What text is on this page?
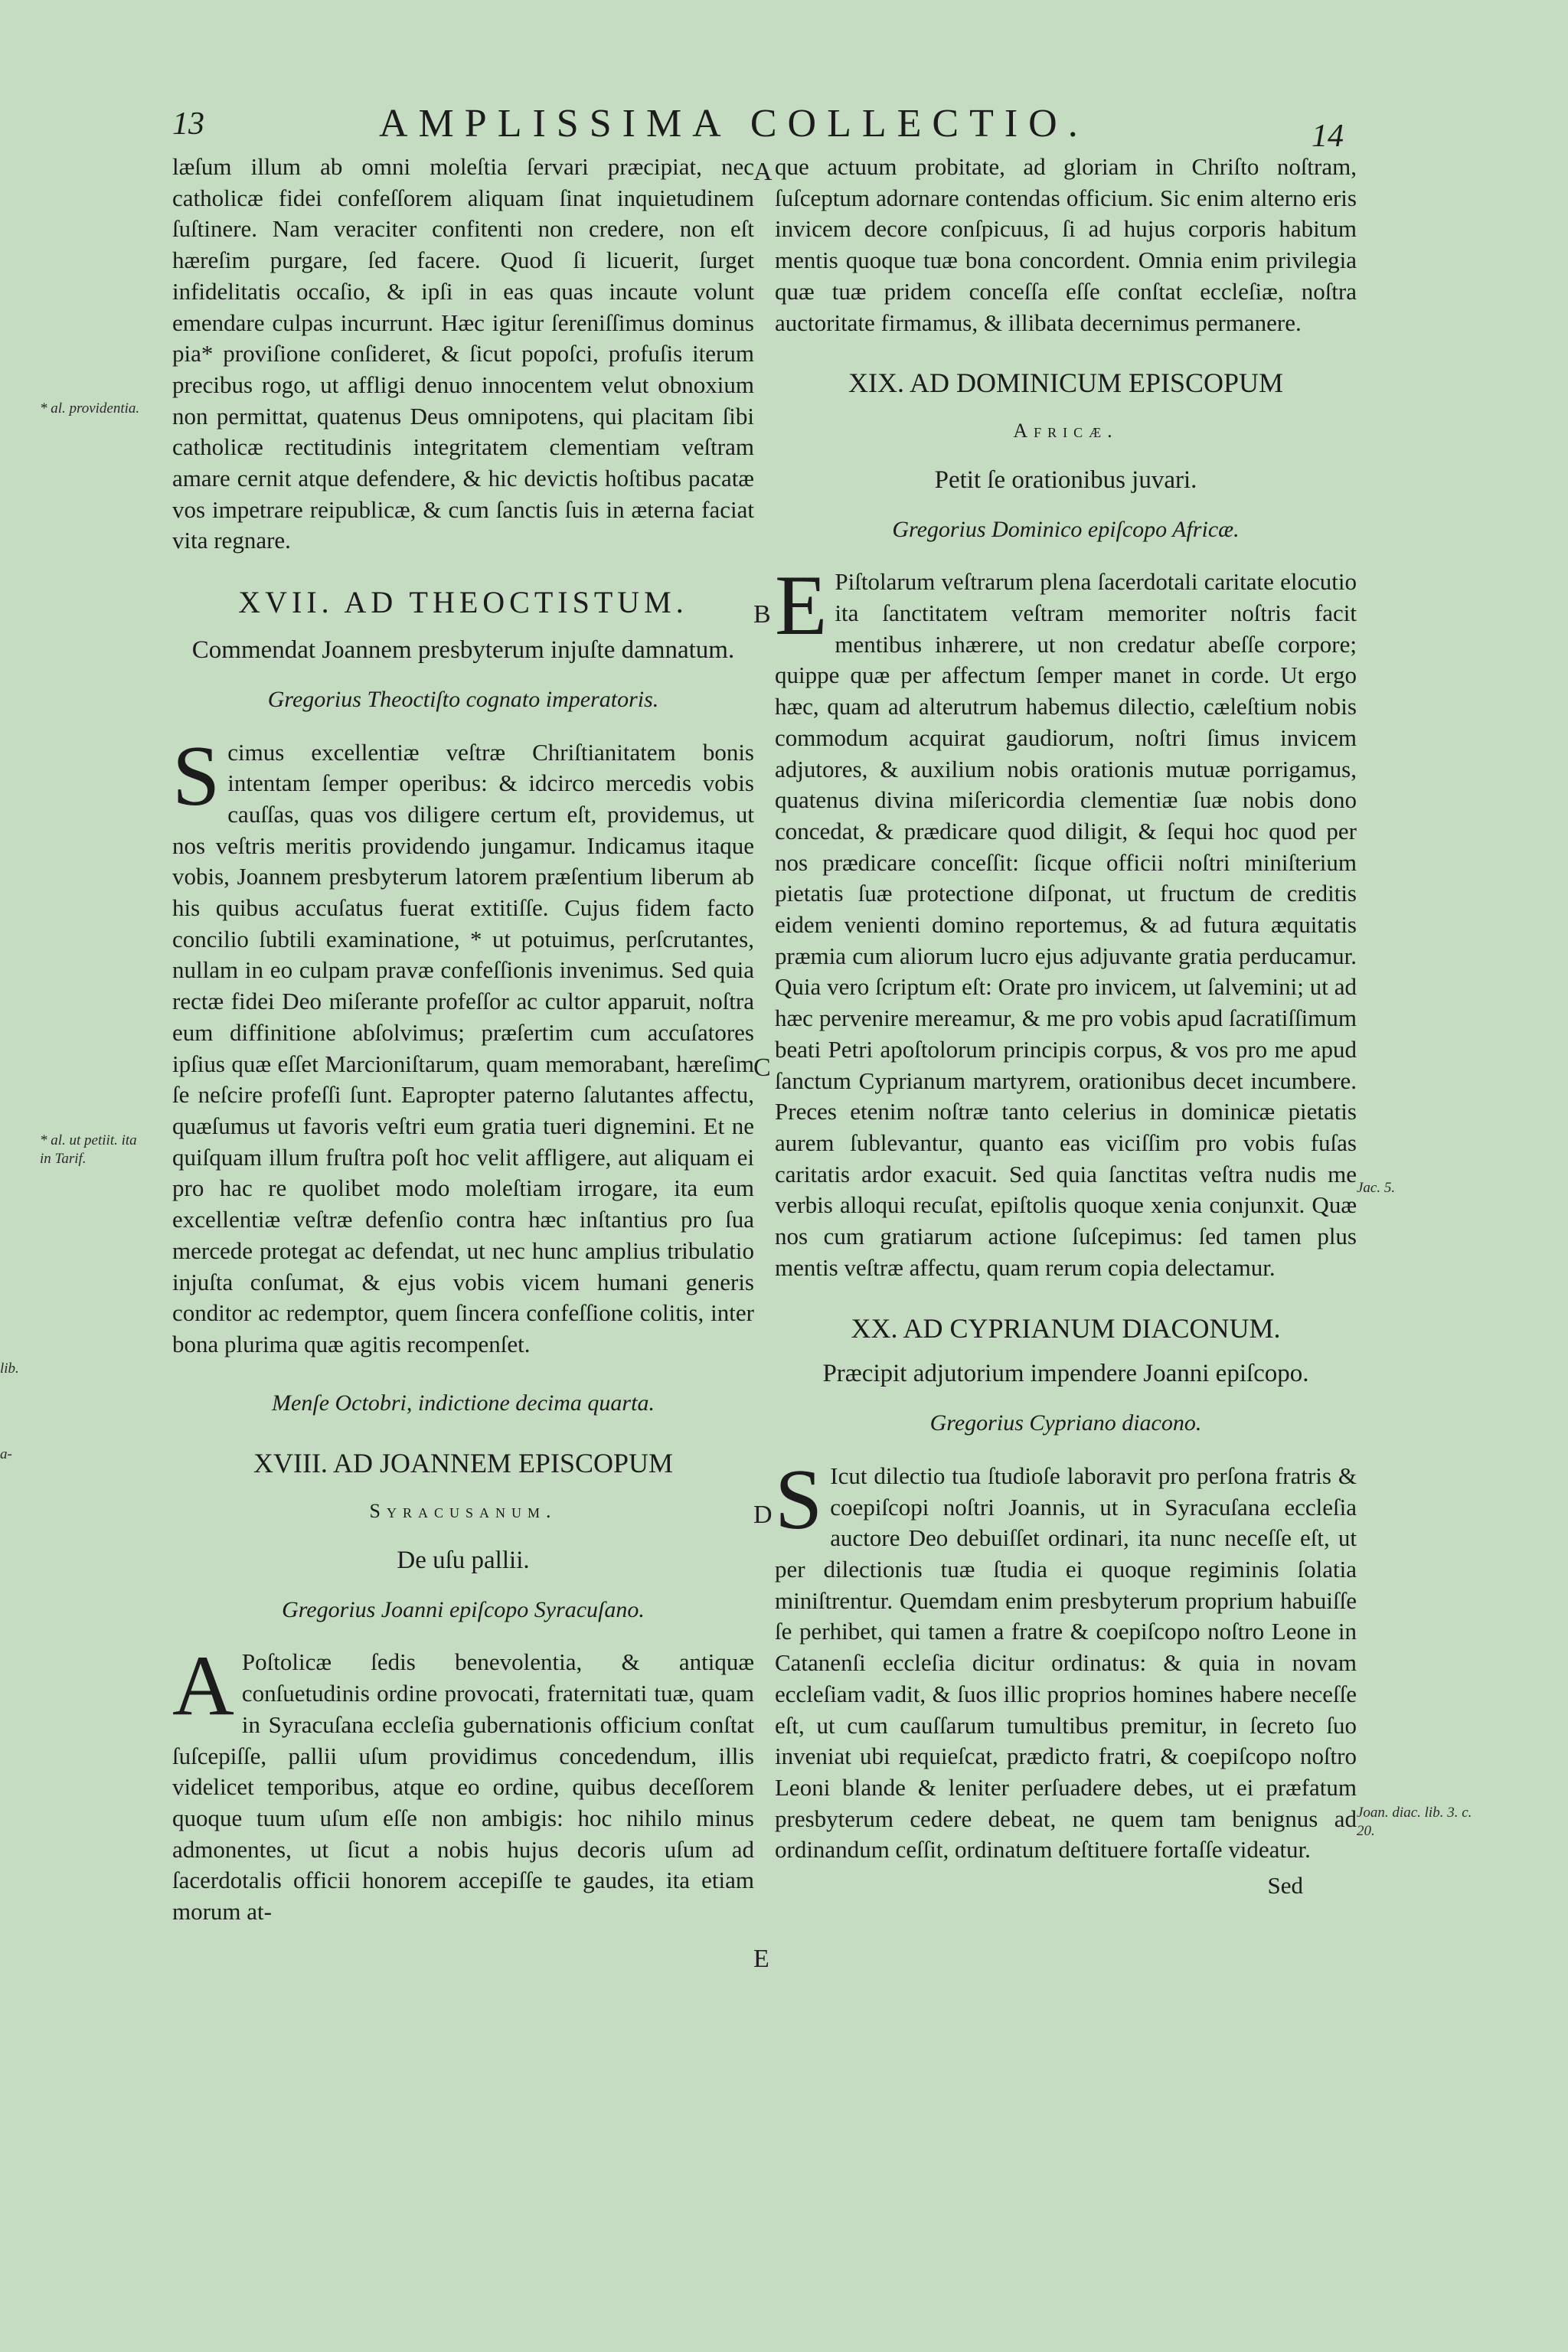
13	AMPLISSIMA COLLECTIO.	14
* al. providentia.
* al. ut petiit. ita in Tarif.
Joan. diac. lib. 3. c. 20.
Jac. 5.
lib.
a-
A
B
C
D
E

læſum illum ab omni moleſtia ſervari præcipiat, nec catholicæ fidei confeſſorem aliquam ſinat inquietudinem ſuſtinere. Nam veraciter confitenti non credere, non eſt hæreſim purgare, ſed facere. Quod ſi licuerit, ſurget infidelitatis occaſio, & ipſi in eas quas incaute volunt emendare culpas incurrunt. Hæc igitur ſereniſſimus dominus pia* proviſione conſideret, & ſicut popoſci, profuſis iterum precibus rogo, ut affligi denuo innocentem velut obnoxium non permittat, quatenus Deus omnipotens, qui placitam ſibi catholicæ rectitudinis integritatem clementiam veſtram amare cernit atque defendere, & hic devictis hoſtibus pacatæ vos impetrare reipublicæ, & cum ſanctis ſuis in æterna faciat vita regnare.

XVII. AD THEOCTISTUM.
Commendat Joannem presbyterum injuſte damnatum.
Gregorius Theoctiſto cognato imperatoris.

Scimus excellentiæ veſtræ Chriſtianitatem bonis intentam ſemper operibus: & idcirco mercedis vobis cauſſas, quas vos diligere certum eſt, providemus, ut nos veſtris meritis providendo jungamur. Indicamus itaque vobis, Joannem presbyterum latorem præſentium liberum ab his quibus accuſatus fuerat extitiſſe. Cujus fidem facto concilio ſubtili examinatione, * ut potuimus, perſcrutantes, nullam in eo culpam pravæ confeſſionis invenimus. Sed quia rectæ fidei Deo miſerante profeſſor ac cultor apparuit, noſtra eum diffinitione abſolvimus; præſertim cum accuſatores ipſius quæ eſſet Marcioniſtarum, quam memorabant, hæreſim ſe neſcire profeſſi ſunt. Eapropter paterno ſalutantes affectu, quæſumus ut favoris veſtri eum gratia tueri dignemini. Et ne quiſquam illum fruſtra poſt hoc velit affligere, aut aliquam ei pro hac re quolibet modo moleſtiam irrogare, ita eum excellentiæ veſtræ defenſio contra hæc inſtantius pro ſua mercede protegat ac defendat, ut nec hunc amplius tribulatio injuſta conſumat, & ejus vobis vicem humani generis conditor ac redemptor, quem ſincera confeſſione colitis, inter bona plurima quæ agitis recompenſet.

Menſe Octobri, indictione decima quarta.
XVIII. AD JOANNEM EPISCOPUM
Syracusanum.
De uſu pallii.
Gregorius Joanni epiſcopo Syracuſano.

A Poſtolicæ ſedis benevolentia, & antiquæ conſuetudinis ordine provocati, fraternitati tuæ, quam in Syracuſana eccleſia gubernationis officium conſtat ſuſcepiſſe, pallii uſum providimus concedendum, illis videlicet temporibus, atque eo ordine, quibus deceſſorem quoque tuum uſum eſſe non ambigis: hoc nihilo minus admonentes, ut ſicut a nobis hujus decoris uſum ad ſacerdotalis officii honorem accepiſſe te gaudes, ita etiam morum at-

que actuum probitate, ad gloriam in Chriſto noſtram, ſuſceptum adornare contendas officium. Sic enim alterno eris invicem decore conſpicuus, ſi ad hujus corporis habitum mentis quoque tuæ bona concordent. Omnia enim privilegia quæ tuæ pridem conceſſa eſſe conſtat eccleſiæ, noſtra auctoritate firmamus, & illibata decernimus permanere.

XIX. AD DOMINICUM EPISCOPUM
Africæ.
Petit ſe orationibus juvari.
Gregorius Dominico epiſcopo Africæ.

E Piſtolarum veſtrarum plena ſacerdotali caritate elocutio ita ſanctitatem veſtram memoriter noſtris facit mentibus inhærere, ut non credatur abeſſe corpore; quippe quæ per affectum ſemper manet in corde. Ut ergo hæc, quam ad alterutrum habemus dilectio, cæleſtium nobis commodum acquirat gaudiorum, noſtri ſimus invicem adjutores, & auxilium nobis orationis mutuæ porrigamus, quatenus divina miſericordia clementiæ ſuæ nobis dono concedat, & prædicare quod diligit, & ſequi hoc quod per nos prædicare conceſſit: ſicque officii noſtri miniſterium pietatis ſuæ protectione diſponat, ut fructum de creditis eidem venienti domino reportemus, & ad futura æquitatis præmia cum aliorum lucro ejus adjuvante gratia perducamur. Quia vero ſcriptum eſt: Orate pro invicem, ut ſalvemini; ut ad hæc pervenire mereamur, & me pro vobis apud ſacratiſſimum beati Petri apoſtolorum principis corpus, & vos pro me apud ſanctum Cyprianum martyrem, orationibus decet incumbere. Preces etenim noſtræ tanto celerius in dominicæ pietatis aurem ſublevantur, quanto eas viciſſim pro vobis fuſas caritatis ardor exacuit. Sed quia ſanctitas veſtra nudis me verbis alloqui recuſat, epiſtolis quoque xenia conjunxit. Quæ nos cum gratiarum actione ſuſcepimus: ſed tamen plus mentis veſtræ affectu, quam rerum copia delectamur.

XX. AD CYPRIANUM DIACONUM.
Præcipit adjutorium impendere Joanni epiſcopo.
Gregorius Cypriano diacono.

S Icut dilectio tua ſtudioſe laboravit pro perſona fratris & coepiſcopi noſtri Joannis, ut in Syracuſana eccleſia auctore Deo debuiſſet ordinari, ita nunc neceſſe eſt, ut per dilectionis tuæ ſtudia ei quoque regiminis ſolatia miniſtrentur. Quemdam enim presbyterum proprium habuiſſe ſe perhibet, qui tamen a fratre & coepiſcopo noſtro Leone in Catanenſi eccleſia dicitur ordinatus: & quia in novam eccleſiam vadit, & ſuos illic proprios homines habere neceſſe eſt, ut cum cauſſarum tumultibus premitur, in ſecreto ſuo inveniat ubi requieſcat, prædicto fratri, & coepiſcopo noſtro Leoni blande & leniter perſuadere debes, ut ei præfatum presbyterum cedere debeat, ne quem tam benignus ad ordinandum ceſſit, ordinatum deſtituere fortaſſe videatur.

Sed
